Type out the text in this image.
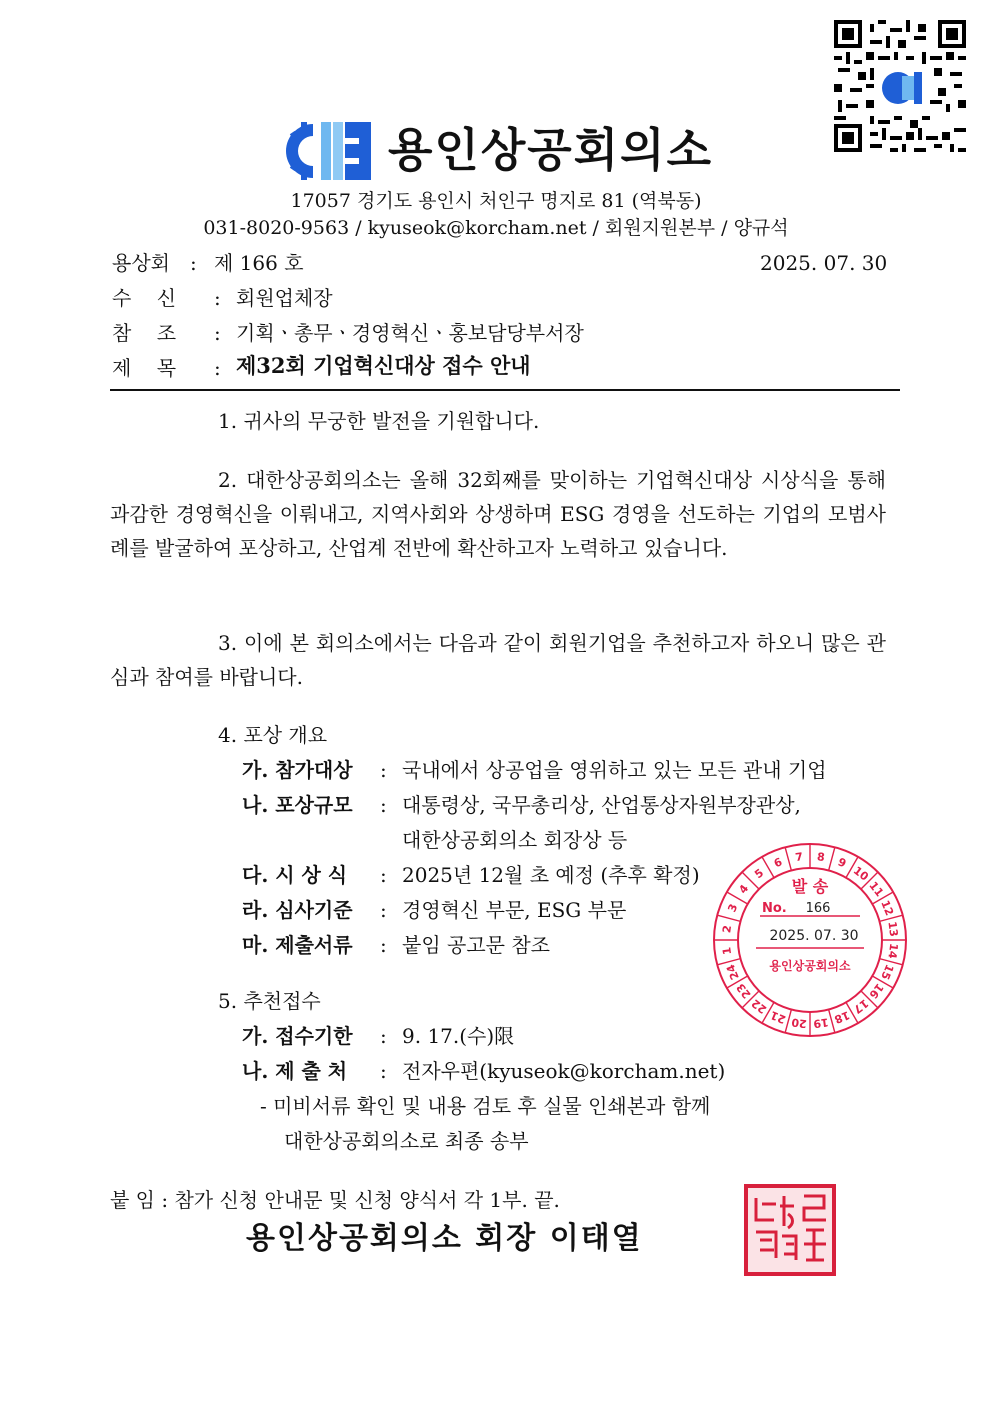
용인상공회의소
17057 경기도 용인시 처인구 명지로 81 (역북동)
031-8020-9563 / kyuseok@korcham.net / 회원지원본부 / 양규석
용상회 : 제 166 호	2025. 07. 30
수    신 : 회원업체장
참    조 : 기획ㆍ총무ㆍ경영혁신ㆍ홍보담당부서장
제    목 : 제32회 기업혁신대상 접수 안내
1. 귀사의 무궁한 발전을 기원합니다.
2. 대한상공회의소는 올해 32회째를 맞이하는 기업혁신대상 시상식을 통해 과감한 경영혁신을 이뤄내고, 지역사회와 상생하며 ESG 경영을 선도하는 기업의 모범사례를 발굴하여 포상하고, 산업계 전반에 확산하고자 노력하고 있습니다.
3. 이에 본 회의소에서는 다음과 같이 회원기업을 추천하고자 하오니 많은 관심과 참여를 바랍니다.
4. 포상 개요
가. 참가대상 : 국내에서 상공업을 영위하고 있는 모든 관내 기업
나. 포상규모 : 대통령상, 국무총리상, 산업통상자원부장관상,
대한상공회의소 회장상 등
다. 시 상 식 : 2025년 12월 초 예정 (추후 확정)
라. 심사기준 : 경영혁신 부문, ESG 부문
마. 제출서류 : 붙임 공고문 참조
5. 추천접수
가. 접수기한 : 9. 17.(수)限
나. 제 출 처 : 전자우편(kyuseok@korcham.net)
- 미비서류 확인 및 내용 검토 후 실물 인쇄본과 함께
대한상공회의소로 최종 송부
붙 임 : 참가 신청 안내문 및 신청 양식서 각 1부. 끝.
용인상공회의소 회장 이태열
발 송
No. 166
2025. 07. 30
용인상공회의소
8 9
10
11
12
13
14
15
16
17
18
19
20
21
22
23
24
1
2
3
4
5
6 7
